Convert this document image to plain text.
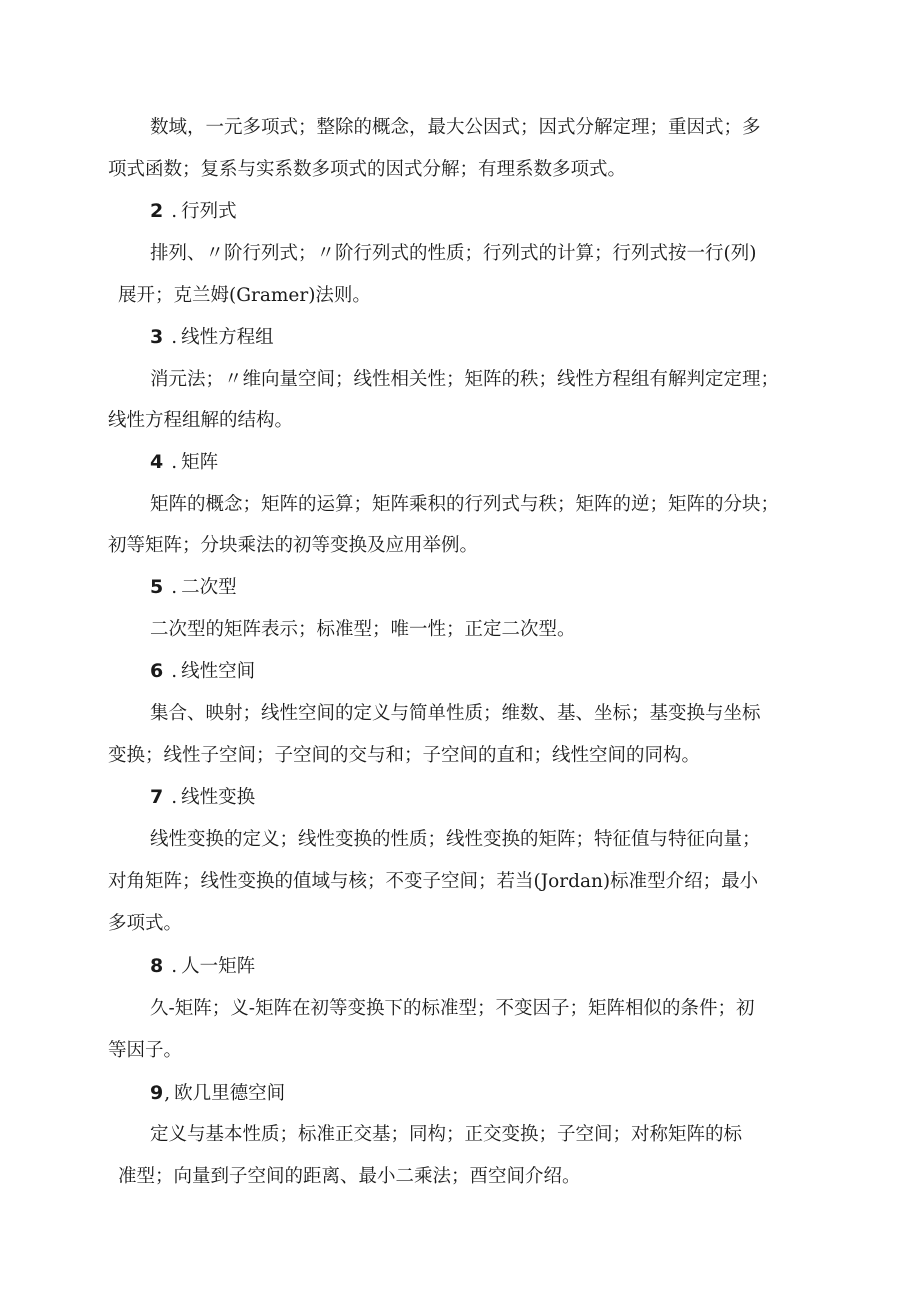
数域，一元多项式；整除的概念，最大公因式；因式分解定理；重因式；多
项式函数；复系与实系数多项式的因式分解；有理系数多项式。
2 . 行列式
排列、〃阶行列式；〃阶行列式的性质；行列式的计算；行列式按一行(列)
展开；克兰姆(Gramer)法则。
3 . 线性方程组
消元法；〃维向量空间；线性相关性；矩阵的秩；线性方程组有解判定定理；
线性方程组解的结构。
4 . 矩阵
矩阵的概念；矩阵的运算；矩阵乘积的行列式与秩；矩阵的逆；矩阵的分块；
初等矩阵；分块乘法的初等变换及应用举例。
5 . 二次型
二次型的矩阵表示；标准型；唯一性；正定二次型。
6 . 线性空间
集合、映射；线性空间的定义与简单性质；维数、基、坐标；基变换与坐标
变换；线性子空间；子空间的交与和；子空间的直和；线性空间的同构。
7 . 线性变换
线性变换的定义；线性变换的性质；线性变换的矩阵；特征值与特征向量；
对角矩阵；线性变换的值域与核；不变子空间；若当(Jordan)标准型介绍；最小
多项式。
8 . 人一矩阵
久-矩阵；义-矩阵在初等变换下的标准型；不变因子；矩阵相似的条件；初
等因子。
9, 欧几里德空间
定义与基本性质；标准正交基；同构；正交变换；子空间；对称矩阵的标
准型；向量到子空间的距离、最小二乘法；酉空间介绍。
